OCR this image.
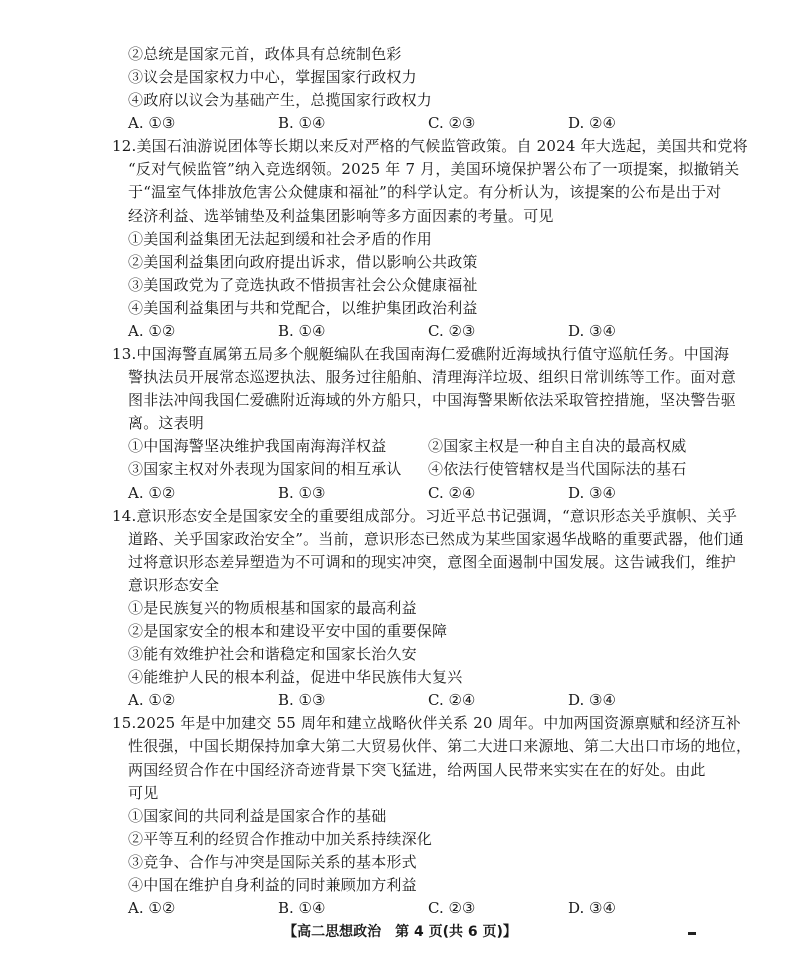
②总统是国家元首，政体具有总统制色彩
③议会是国家权力中心，掌握国家行政权力
④政府以议会为基础产生，总揽国家行政权力
A. ①③	B. ①④	C. ②③	D. ②④
12.美国石油游说团体等长期以来反对严格的气候监管政策。自 2024 年大选起，美国共和党将
“反对气候监管”纳入竞选纲领。2025 年 7 月，美国环境保护署公布了一项提案，拟撤销关
于“温室气体排放危害公众健康和福祉”的科学认定。有分析认为，该提案的公布是出于对
经济利益、选举铺垫及利益集团影响等多方面因素的考量。可见
①美国利益集团无法起到缓和社会矛盾的作用
②美国利益集团向政府提出诉求，借以影响公共政策
③美国政党为了竞选执政不惜损害社会公众健康福祉
④美国利益集团与共和党配合，以维护集团政治利益
A. ①②	B. ①④	C. ②③	D. ③④
13.中国海警直属第五局多个舰艇编队在我国南海仁爱礁附近海域执行值守巡航任务。中国海
警执法员开展常态巡逻执法、服务过往船舶、清理海洋垃圾、组织日常训练等工作。面对意
图非法冲闯我国仁爱礁附近海域的外方船只，中国海警果断依法采取管控措施，坚决警告驱
离。这表明
①中国海警坚决维护我国南海海洋权益	②国家主权是一种自主自决的最高权威
③国家主权对外表现为国家间的相互承认 ④依法行使管辖权是当代国际法的基石
A. ①②	B. ①③	C. ②④	D. ③④
14.意识形态安全是国家安全的重要组成部分。习近平总书记强调，“意识形态关乎旗帜、关乎
道路、关乎国家政治安全”。当前，意识形态已然成为某些国家遏华战略的重要武器，他们通
过将意识形态差异塑造为不可调和的现实冲突，意图全面遏制中国发展。这告诫我们，维护
意识形态安全
①是民族复兴的物质根基和国家的最高利益
②是国家安全的根本和建设平安中国的重要保障
③能有效维护社会和谐稳定和国家长治久安
④能维护人民的根本利益，促进中华民族伟大复兴
A. ①②	B. ①③	C. ②④	D. ③④
15.2025 年是中加建交 55 周年和建立战略伙伴关系 20 周年。中加两国资源禀赋和经济互补
性很强，中国长期保持加拿大第二大贸易伙伴、第二大进口来源地、第二大出口市场的地位，
两国经贸合作在中国经济奇迹背景下突飞猛进，给两国人民带来实实在在的好处。由此
可见
①国家间的共同利益是国家合作的基础
②平等互利的经贸合作推动中加关系持续深化
③竞争、合作与冲突是国际关系的基本形式
④中国在维护自身利益的同时兼顾加方利益
【高二思想政治　第 4 页(共 6 页)】
A. ①②	B. ①④	C. ②③	D. ③④
